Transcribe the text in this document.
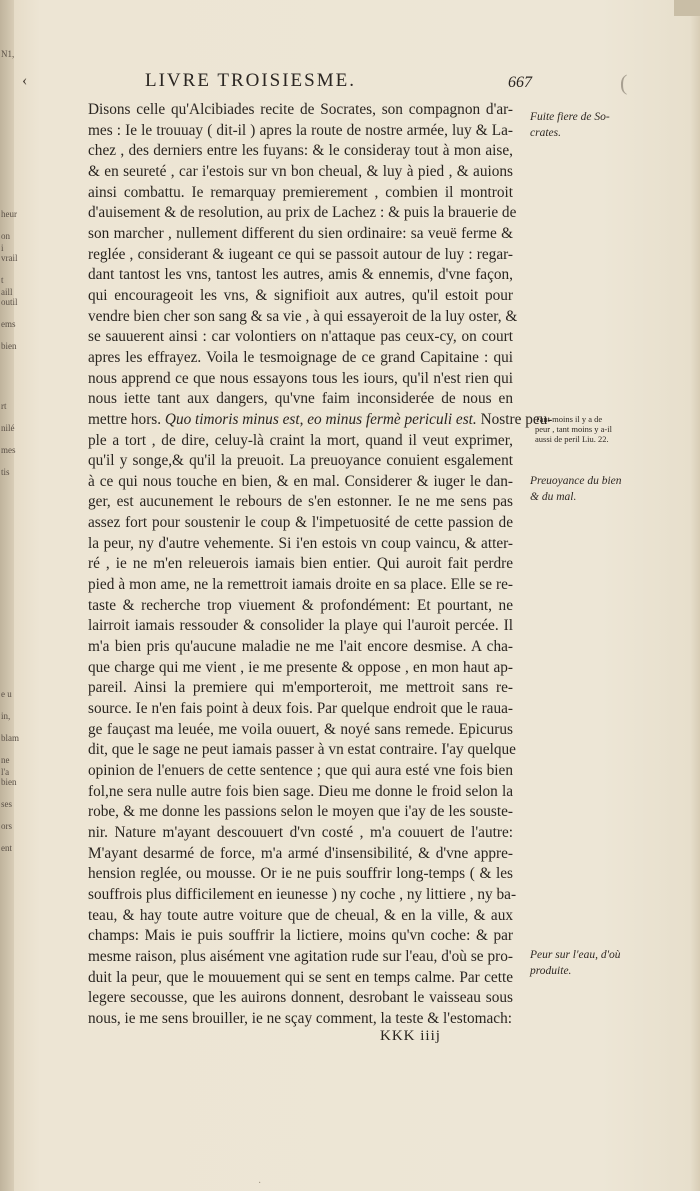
N1,
heur
on i
vrail
t aill
outil
ems
bien
rt
nilé
mes
tis
e u
in,
blam
ne l'a
bien
ses
ors
ent
‹	LIVRE TROISIESME.	667	(
Disons celle qu'Alcibiades recite de Socrates, son compagnon d'ar-
mes : Ie le trouuay ( dit-il ) apres la route de nostre armée, luy & La-
chez , des derniers entre les fuyans: & le consideray tout à mon aise,
& en seureté , car i'estois sur vn bon cheual, & luy à pied , & auions
ainsi combattu. Ie remarquay premierement , combien il montroit
d'auisement & de resolution, au prix de Lachez : & puis la brauerie de
son marcher , nullement different du sien ordinaire: sa veuë ferme &
reglée , considerant & iugeant ce qui se passoit autour de luy : regar-
dant tantost les vns, tantost les autres, amis & ennemis, d'vne façon,
qui encourageoit les vns, & signifioit aux autres, qu'il estoit pour
vendre bien cher son sang & sa vie , à qui essayeroit de la luy oster, &
se sauuerent ainsi : car volontiers on n'attaque pas ceux-cy, on court
apres les effrayez. Voila le tesmoignage de ce grand Capitaine : qui
nous apprend ce que nous essayons tous les iours, qu'il n'est rien qui
nous iette tant aux dangers, qu'vne faim inconsiderée de nous en
mettre hors. Quo timoris minus est, eo minus fermè periculi est. Nostre peu-
ple a tort , de dire, celuy-là craint la mort, quand il veut exprimer,
qu'il y songe,& qu'il la preuoit. La preuoyance conuient esgalement
à ce qui nous touche en bien, & en mal. Considerer & iuger le dan-
ger, est aucunement le rebours de s'en estonner. Ie ne me sens pas
assez fort pour soustenir le coup & l'impetuosité de cette passion de
la peur, ny d'autre vehemente. Si i'en estois vn coup vaincu, & atter-
ré , ie ne m'en releuerois iamais bien entier. Qui auroit fait perdre
pied à mon ame, ne la remettroit iamais droite en sa place. Elle se re-
taste & recherche trop viuement & profondément: Et pourtant, ne
lairroit iamais ressouder & consolider la playe qui l'auroit percée. Il
m'a bien pris qu'aucune maladie ne me l'ait encore desmise. A cha-
que charge qui me vient , ie me presente & oppose , en mon haut ap-
pareil. Ainsi la premiere qui m'emporteroit, me mettroit sans re-
source. Ie n'en fais point à deux fois. Par quelque endroit que le raua-
ge fauçast ma leuée, me voila ouuert, & noyé sans remede. Epicurus
dit, que le sage ne peut iamais passer à vn estat contraire. I'ay quelque
opinion de l'enuers de cette sentence ; que qui aura esté vne fois bien
fol,ne sera nulle autre fois bien sage. Dieu me donne le froid selon la
robe, & me donne les passions selon le moyen que i'ay de les souste-
nir. Nature m'ayant descouuert d'vn costé , m'a couuert de l'autre:
M'ayant desarmé de force, m'a armé d'insensibilité, & d'vne appre-
hension reglée, ou mousse. Or ie ne puis souffrir long-temps ( & les
souffrois plus difficilement en ieunesse ) ny coche , ny littiere , ny ba-
teau, & hay toute autre voiture que de cheual, & en la ville, & aux
champs: Mais ie puis souffrir la lictiere, moins qu'vn coche: & par
mesme raison, plus aisément vne agitation rude sur l'eau, d'où se pro-
duit la peur, que le mouuement qui se sent en temps calme. Par cette
legere secousse, que les auirons donnent, desrobant le vaisseau sous
nous, ie me sens brouiller, ie ne sçay comment, la teste & l'estomach:
Fuite fiere de So-
crates.
Tant moins il y a de
peur , tant moins y a-il
aussi de peril Liu. 22.
Preuoyance du bien
& du mal.
Peur sur l'eau, d'où
produite.
KKK iiij
·
